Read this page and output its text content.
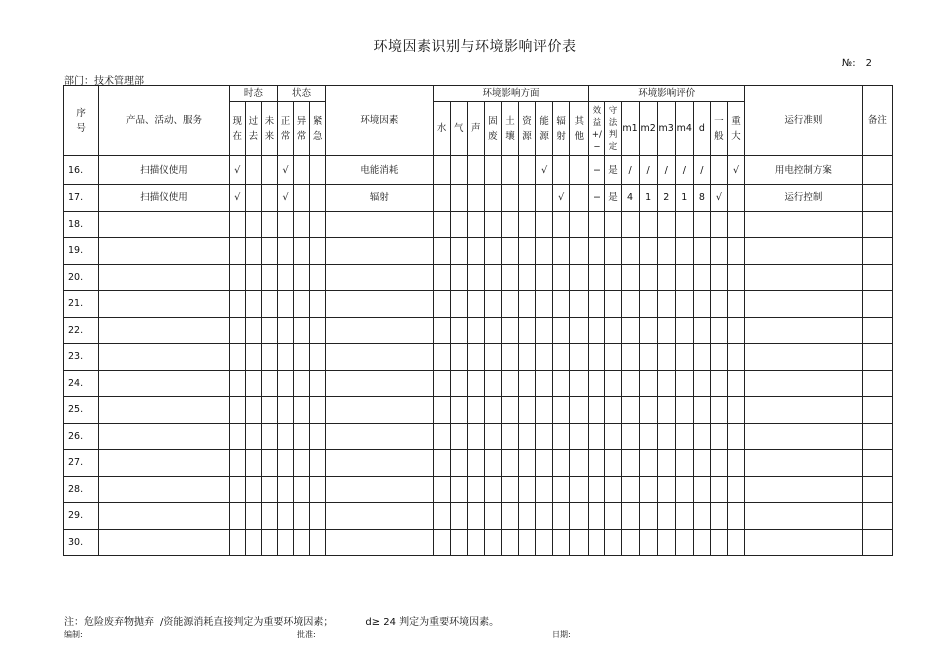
环境因素识别与环境影响评价表
№: 2
部门：技术管理部
序号	产品、活动、服务	时态			状态			环境因素	环境影响方面									环境影响评价									运行准则	备注
		现在	过去	未来	正常	异常	紧急		水	气	声	固废	土壤	资源	能源	辐射	其他	效益+/−	守法判定	m1	m2	m3	m4	d	一般	重大		
16.	扫描仪使用	√			√			电能消耗							√			−	是	/	/	/	/	/		√	用电控制方案	
17.	扫描仪使用	√			√			辐射								√		−	是	4	1	2	1	8	√		运行控制	
18.																												
19.																												
20.																												
21.																												
22.																												
23.																												
24.																												
25.																												
26.																												
27.																												
28.																												
29.																												
30.																												
注：危险废弃物抛弃 /资能源消耗直接判定为重要环境因素；	d≥ 24 判定为重要环境因素。
编制:	批准:	日期:
